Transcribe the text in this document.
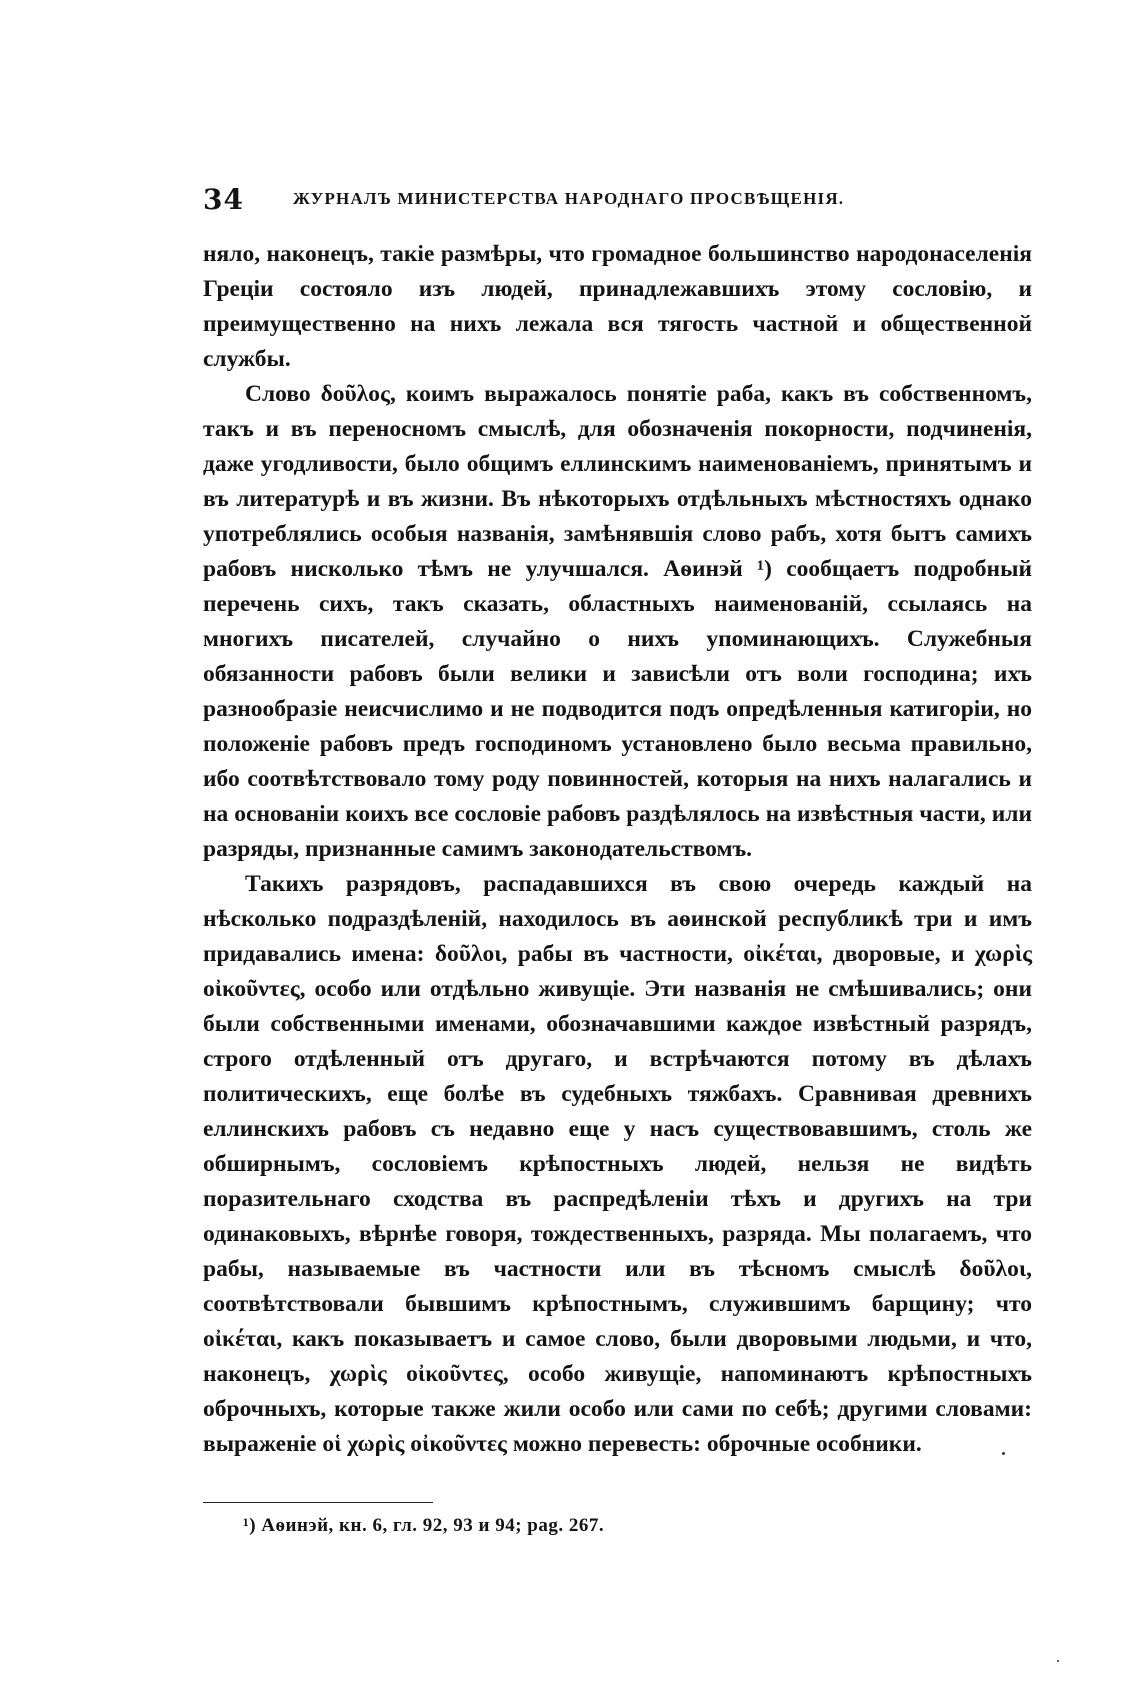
34	ЖУРНАЛЪ МИНИСТЕРСТВА НАРОДНАГО ПРОСВѢЩЕНІЯ.

няло, наконецъ, такіе размѣры, что громадное большинство народонаселенія Греціи состояло изъ людей, принадлежавшихъ этому сословію, и преимущественно на нихъ лежала вся тягость частной и общественной службы.

Слово δοῦλος, коимъ выражалось понятіе раба, какъ въ собственномъ, такъ и въ переносномъ смыслѣ, для обозначенія покорности, подчиненія, даже угодливости, было общимъ еллинскимъ наименованіемъ, принятымъ и въ литературѣ и въ жизни. Въ нѣкоторыхъ отдѣльныхъ мѣстностяхъ однако употреблялись особыя названія, замѣнявшія слово рабъ, хотя бытъ самихъ рабовъ нисколько тѣмъ не улучшался. Аѳинэй ¹) сообщаетъ подробный перечень сихъ, такъ сказать, областныхъ наименованій, ссылаясь на многихъ писателей, случайно о нихъ упоминающихъ. Служебныя обязанности рабовъ были велики и зависѣли отъ воли господина; ихъ разнообразіе неисчислимо и не подводится подъ опредѣленныя катигоріи, но положеніе рабовъ предъ господиномъ установлено было весьма правильно, ибо соотвѣтствовало тому роду повинностей, которыя на нихъ налагались и на основаніи коихъ все сословіе рабовъ раздѣлялось на извѣстныя части, или разряды, признанные самимъ законодательствомъ.

Такихъ разрядовъ, распадавшихся въ свою очередь каждый на нѣсколько подраздѣленій, находилось въ аѳинской республикѣ три и имъ придавались имена: δοῦλοι, рабы въ частности, οἰκέται, дворовые, и χωρὶς οἰκοῦντες, особо или отдѣльно живущіе. Эти названія не смѣшивались; они были собственными именами, обозначавшими каждое извѣстный разрядъ, строго отдѣленный отъ другаго, и встрѣчаются потому въ дѣлахъ политическихъ, еще болѣе въ судебныхъ тяжбахъ. Сравнивая древнихъ еллинскихъ рабовъ съ недавно еще у насъ существовавшимъ, столь же обширнымъ, сословіемъ крѣпостныхъ людей, нельзя не видѣть поразительнаго сходства въ распредѣленіи тѣхъ и другихъ на три одинаковыхъ, вѣрнѣе говоря, тождественныхъ, разряда. Мы полагаемъ, что рабы, называемые въ частности или въ тѣсномъ смыслѣ δοῦλοι, соотвѣтствовали бывшимъ крѣпостнымъ, служившимъ барщину; что οἰκέται, какъ показываетъ и самое слово, были дворовыми людьми, и что, наконецъ, χωρὶς οἰκοῦντες, особо живущіе, напоминаютъ крѣпостныхъ оброчныхъ, которые также жили особо или сами по себѣ; другими словами: выраженіе οἱ χωρὶς οἰκοῦντες можно перевесть: оброчные особники.

¹) Аѳинэй, кн. 6, гл. 92, 93 и 94; pag. 267.
